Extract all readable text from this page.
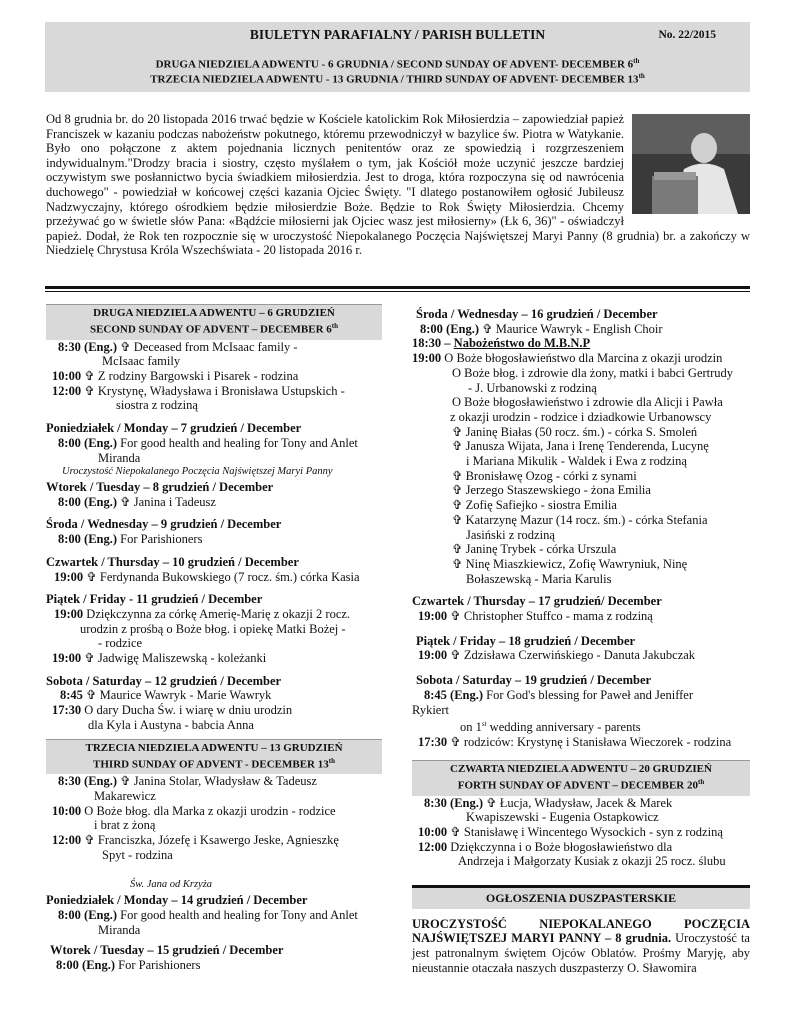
BIULETYN PARAFIALNY / PARISH BULLETIN	No. 22/2015
DRUGA NIEDZIELA ADWENTU - 6 GRUDNIA / SECOND SUNDAY OF ADVENT- DECEMBER 6th
TRZECIA NIEDZIELA ADWENTU - 13 GRUDNIA / THIRD SUNDAY OF ADVENT- DECEMBER 13th
Od 8 grudnia br. do 20 listopada 2016 trwać będzie w Kościele katolickim Rok Miłosierdzia – zapowiedział papież Franciszek w kazaniu podczas nabożeństw pokutnego, któremu przewodniczył w bazylice św. Piotra w Watykanie. Było ono połączone z aktem pojednania licznych penitentów oraz ze spowiedzią i rozgrzeszeniem indywidualnym."Drodzy bracia i siostry, często myślałem o tym, jak Kościół może uczynić jeszcze bardziej oczywistym swe posłannictwo bycia świadkiem miłosierdzia. Jest to droga, która rozpoczyna się od nawrócenia duchowego" - powiedział w końcowej części kazania Ojciec Święty. "I dlatego postanowiłem ogłosić Jubileusz Nadzwyczajny, którego ośrodkiem będzie miłosierdzie Boże. Będzie to Rok Święty Miłosierdzia. Chcemy przeżywać go w świetle słów Pana: «Bądźcie miłosierni jak Ojciec wasz jest miłosierny» (Łk 6, 36)" - oświadczył papież. Dodał, że Rok ten rozpocznie się w uroczystość Niepokalanego Poczęcia Najświętszej Maryi Panny (8 grudnia) br. a zakończy w Niedzielę Chrystusa Króla Wszechświata - 20 listopada 2016 r.
DRUGA NIEDZIELA ADWENTU – 6 GRUDZIEŃ
SECOND SUNDAY OF ADVENT – DECEMBER 6th
8:30 (Eng.) ✞ Deceased from McIsaac family -
McIsaac family
10:00 ✞ Z rodziny Bargowski i Pisarek - rodzina
12:00 ✞ Krystynę, Władysława i Bronisława Ustupskich -
siostra z rodziną
Poniedziałek / Monday – 7 grudzień / December
8:00 (Eng.) For good health and healing for Tony and Anlet
Miranda
Uroczystość Niepokalanego Poczęcia Najświętszej Maryi Panny
Wtorek / Tuesday – 8 grudzień / December
8:00 (Eng.) ✞ Janina i Tadeusz
Środa / Wednesday – 9 grudzień / December
8:00 (Eng.) For Parishioners
Czwartek / Thursday – 10 grudzień / December
19:00 ✞ Ferdynanda Bukowskiego (7 rocz. śm.) córka Kasia
Piątek / Friday - 11 grudzień / December
19:00 Dziękczynna za córkę Amerię-Marię z okazji 2 rocz.
urodzin z prośbą o Boże błog. i opiekę Matki Bożej -
- rodzice
19:00 ✞ Jadwigę Maliszewską - koleżanki
Sobota / Saturday – 12 grudzień / December
8:45 ✞ Maurice Wawryk - Marie Wawryk
17:30 O dary Ducha Św. i wiarę w dniu urodzin
dla Kyla i Austyna - babcia Anna
TRZECIA NIEDZIELA ADWENTU – 13 GRUDZIEŃ
THIRD SUNDAY OF ADVENT - DECEMBER 13th
8:30 (Eng.) ✞ Janina Stolar, Władysław & Tadeusz
Makarewicz
10:00 O Boże błog. dla Marka z okazji urodzin - rodzice
i brat z żoną
12:00 ✞ Franciszka, Józefę i Ksawergo Jeske, Agnieszkę
Spyt - rodzina
Św. Jana od Krzyża
Poniedziałek / Monday – 14 grudzień / December
8:00 (Eng.) For good health and healing for Tony and Anlet
Miranda
Wtorek / Tuesday – 15 grudzień / December
8:00 (Eng.) For Parishioners
Środa / Wednesday – 16 grudzień / December
8:00 (Eng.) ✞ Maurice Wawryk - English Choir
18:30 – Nabożeństwo do M.B.N.P
19:00 O Boże błogosławieństwo dla Marcina z okazji urodzin
O Boże błog. i zdrowie dla żony, matki i babci Gertrudy
- J. Urbanowski z rodziną
O Boże błogosławieństwo i zdrowie dla Alicji i Pawła
z okazji urodzin - rodzice i dziadkowie Urbanowscy
✞ Janinę Białas (50 rocz. śm.) - córka S. Smoleń
✞ Janusza Wijata, Jana i Irenę Tenderenda, Lucynę
i Mariana Mikulik - Waldek i Ewa z rodziną
✞ Bronisławę Ozog - córki z synami
✞ Jerzego Staszewskiego - żona Emilia
✞ Zofię Safiejko - siostra Emilia
✞ Katarzynę Mazur (14 rocz. śm.) - córka Stefania
Jasiński z rodziną
✞ Janinę Trybek - córka Urszula
✞ Ninę Miaszkiewicz, Zofię Wawryniuk, Ninę
Bołaszewską - Maria Karulis
Czwartek / Thursday – 17 grudzień/ December
19:00 ✞ Christopher Stuffco - mama z rodziną
Piątek / Friday – 18 grudzień / December
19:00 ✞ Zdzisława Czerwińskiego - Danuta Jakubczak
Sobota / Saturday – 19 grudzień / December
8:45 (Eng.) For God's blessing for Paweł and Jeniffer
Rykiert
on 1st wedding anniversary - parents
17:30 ✞ rodziców: Krystynę i Stanisława Wieczorek - rodzina
CZWARTA NIEDZIELA ADWENTU – 20 GRUDZIEŃ
FORTH SUNDAY OF ADVENT – DECEMBER 20th
8:30 (Eng.) ✞ Łucja, Władysław, Jacek & Marek
Kwapiszewski - Eugenia Ostapkowicz
10:00 ✞ Stanisławę i Wincentego Wysockich - syn z rodziną
12:00 Dziękczynna i o Boże błogosławieństwo dla
Andrzeja i Małgorzaty Kusiak z okazji 25 rocz. ślubu
OGŁOSZENIA DUSZPASTERSKIE
UROCZYSTOŚĆ NIEPOKALANEGO POCZĘCIA NAJŚWIĘTSZEJ MARYI PANNY – 8 grudnia. Uroczystość ta jest patronalnym świętem Ojców Oblatów. Prośmy Maryję, aby nieustannie otaczała naszych duszpasterzy O. Sławomira
